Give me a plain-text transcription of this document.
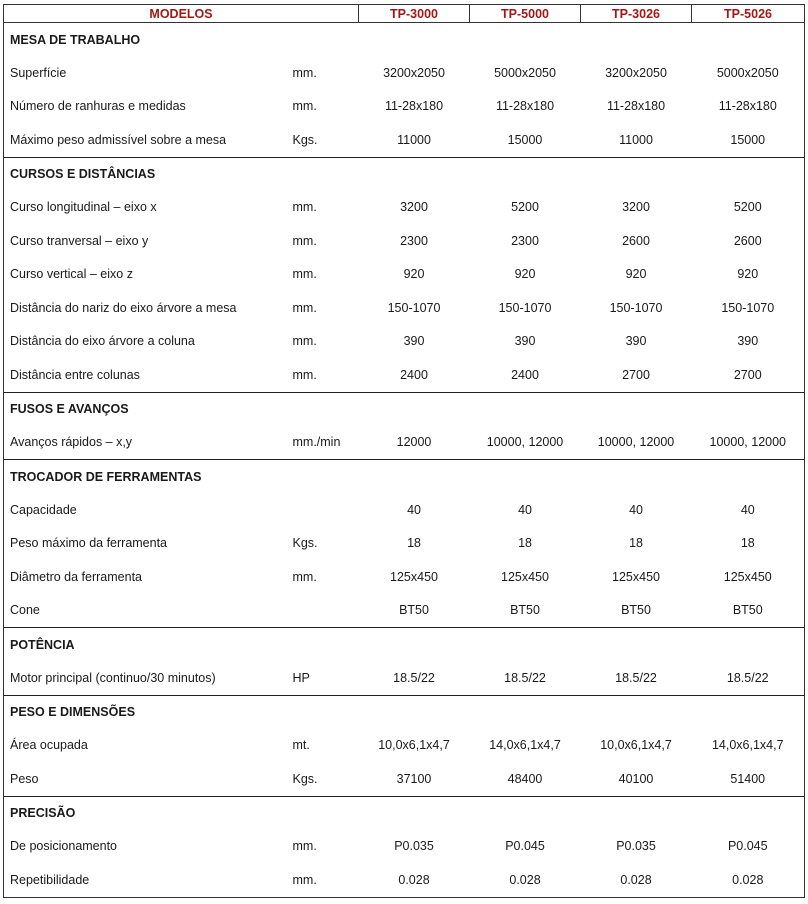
MODELOS		TP-3000	TP-5000	TP-3026	TP-5026
MESA DE TRABALHO					
Superfície	mm.	3200x2050	5000x2050	3200x2050	5000x2050
Número de ranhuras e medidas	mm.	11-28x180	11-28x180	11-28x180	11-28x180
Máximo peso admissível sobre a mesa	Kgs.	11000	15000	11000	15000
CURSOS E DISTÂNCIAS					
Curso longitudinal – eixo x	mm.	3200	5200	3200	5200
Curso tranversal – eixo y	mm.	2300	2300	2600	2600
Curso vertical – eixo z	mm.	920	920	920	920
Distância do nariz do eixo árvore a mesa	mm.	150-1070	150-1070	150-1070	150-1070
Distância do eixo árvore a coluna	mm.	390	390	390	390
Distância entre colunas	mm.	2400	2400	2700	2700
FUSOS E AVANÇOS					
Avanços rápidos – x,y	mm./min	12000	10000, 12000	10000, 12000	10000, 12000
TROCADOR DE FERRAMENTAS					
Capacidade		40	40	40	40
Peso máximo da ferramenta	Kgs.	18	18	18	18
Diâmetro da ferramenta	mm.	125x450	125x450	125x450	125x450
Cone		BT50	BT50	BT50	BT50
POTÊNCIA					
Motor principal (continuo/30 minutos)	HP	18.5/22	18.5/22	18.5/22	18.5/22
PESO E DIMENSÕES					
Área ocupada	mt.	10,0x6,1x4,7	14,0x6,1x4,7	10,0x6,1x4,7	14,0x6,1x4,7
Peso	Kgs.	37100	48400	40100	51400
PRECISÃO					
De posicionamento	mm.	P0.035	P0.045	P0.035	P0.045
Repetibilidade	mm.	0.028	0.028	0.028	0.028
